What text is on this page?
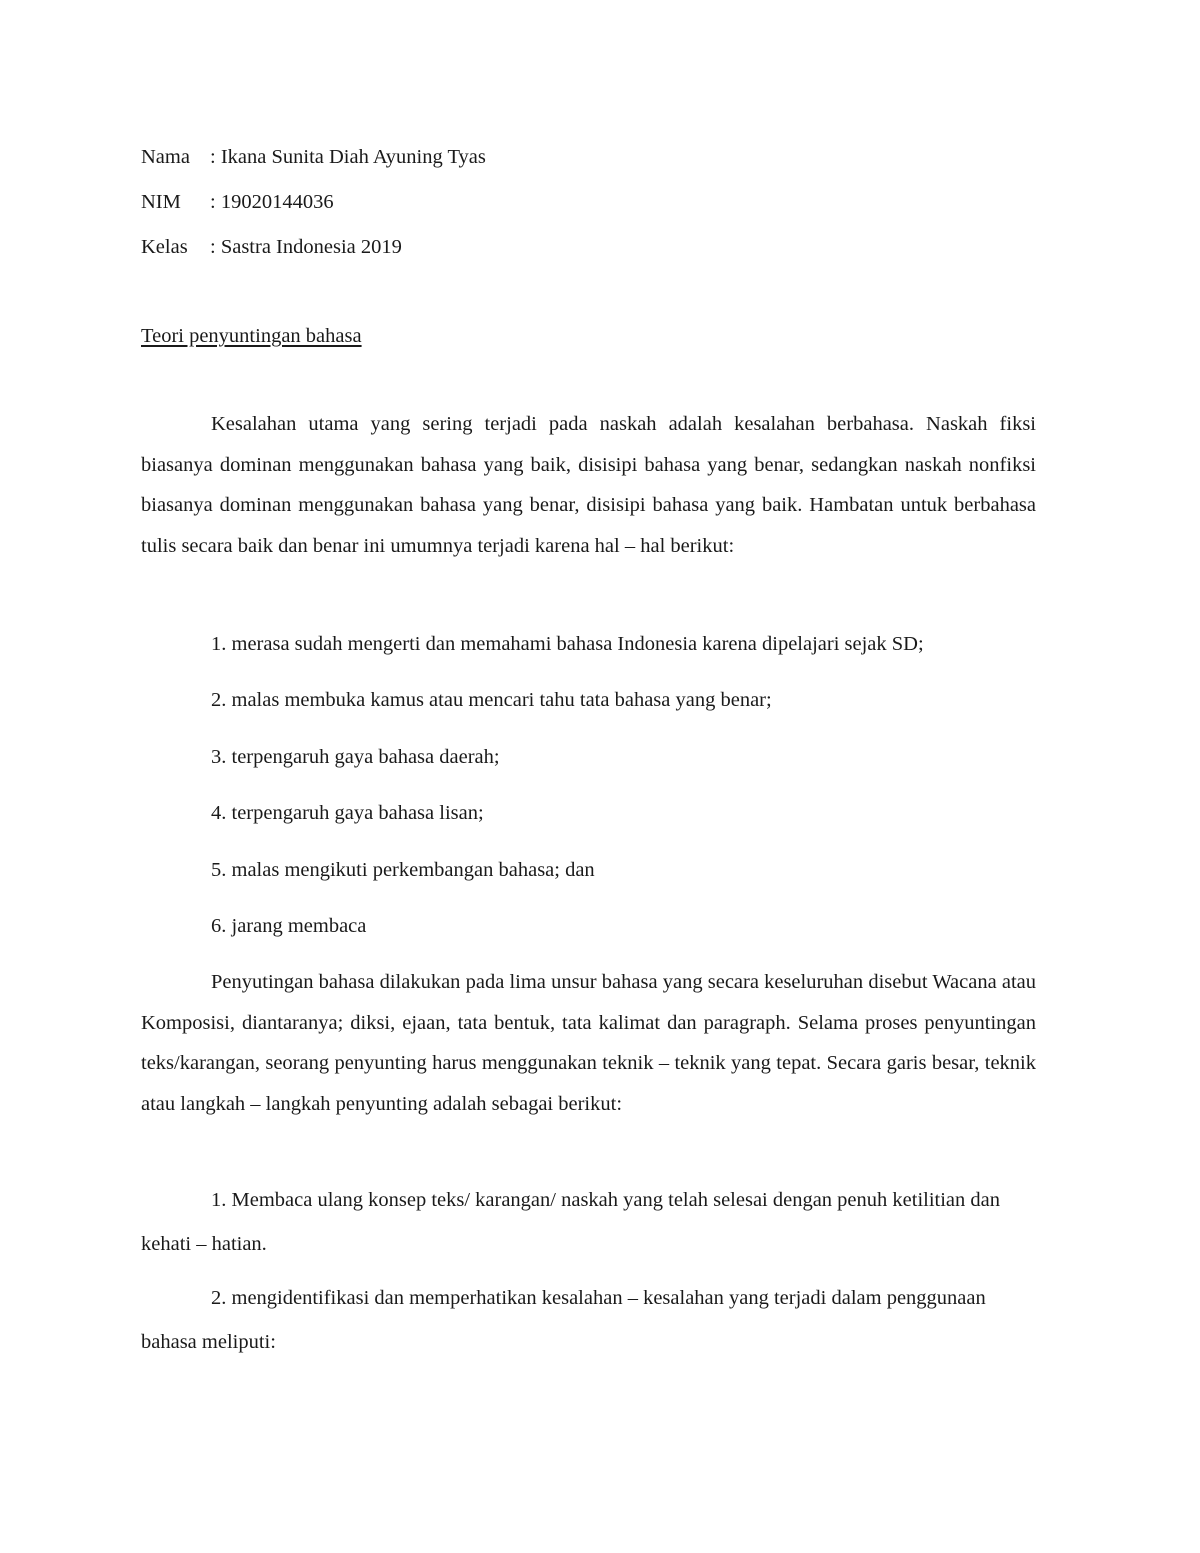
Nama : Ikana Sunita Diah Ayuning Tyas
NIM : 19020144036
Kelas : Sastra Indonesia 2019
Teori penyuntingan bahasa
Kesalahan utama yang sering terjadi pada naskah adalah kesalahan berbahasa. Naskah fiksi biasanya dominan menggunakan bahasa yang baik, disisipi bahasa yang benar, sedangkan naskah nonfiksi biasanya dominan menggunakan bahasa yang benar, disisipi bahasa yang baik. Hambatan untuk berbahasa tulis secara baik dan benar ini umumnya terjadi karena hal – hal berikut:
1. merasa sudah mengerti dan memahami bahasa Indonesia karena dipelajari sejak SD;
2. malas membuka kamus atau mencari tahu tata bahasa yang benar;
3. terpengaruh gaya bahasa daerah;
4. terpengaruh gaya bahasa lisan;
5. malas mengikuti perkembangan bahasa; dan
6. jarang membaca
Penyutingan bahasa dilakukan pada lima unsur bahasa yang secara keseluruhan disebut Wacana atau Komposisi, diantaranya; diksi, ejaan, tata bentuk, tata kalimat dan paragraph. Selama proses penyuntingan teks/karangan, seorang penyunting harus menggunakan teknik – teknik yang tepat. Secara garis besar, teknik atau langkah – langkah penyunting adalah sebagai berikut:
1. Membaca ulang konsep teks/ karangan/ naskah yang telah selesai dengan penuh ketilitian dan kehati – hatian.
2. mengidentifikasi dan memperhatikan kesalahan – kesalahan yang terjadi dalam penggunaan bahasa meliputi:
